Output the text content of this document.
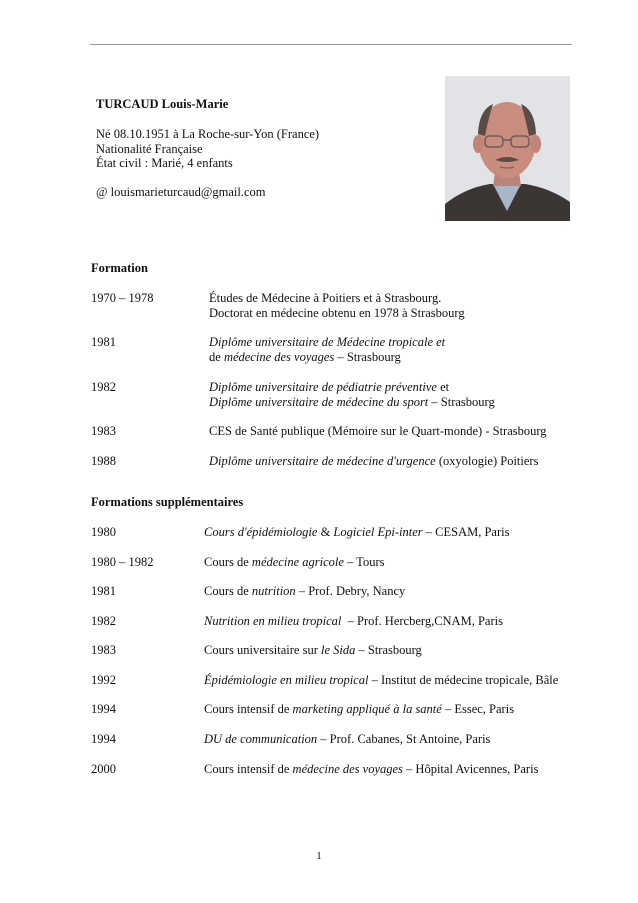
TURCAUD Louis-Marie
Né 08.10.1951 à La Roche-sur-Yon (France)
Nationalité Française
État civil : Marié, 4 enfants
@ louismarieturcaud@gmail.com
Formation
1970 – 1978	Études de Médecine à Poitiers et à Strasbourg.
Doctorat en médecine obtenu en 1978 à Strasbourg
1981	Diplôme universitaire de Médecine tropicale et
de médecine des voyages – Strasbourg
1982	Diplôme universitaire de pédiatrie préventive et
Diplôme universitaire de médecine du sport – Strasbourg
1983	CES de Santé publique (Mémoire sur le Quart-monde) - Strasbourg
1988	Diplôme universitaire de médecine d'urgence (oxyologie) Poitiers
Formations supplémentaires
1980	Cours d'épidémiologie & Logiciel Epi-inter – CESAM, Paris
1980 – 1982	Cours de médecine agricole – Tours
1981	Cours de nutrition – Prof. Debry, Nancy
1982	Nutrition en milieu tropical  – Prof. Hercberg,CNAM, Paris
1983	Cours universitaire sur le Sida – Strasbourg
1992	Épidémiologie en milieu tropical – Institut de médecine tropicale, Bâle
1994	Cours intensif de marketing appliqué à la santé – Essec, Paris
1994	DU de communication – Prof. Cabanes, St Antoine, Paris
2000	Cours intensif de médecine des voyages – Hôpital Avicennes, Paris
1
